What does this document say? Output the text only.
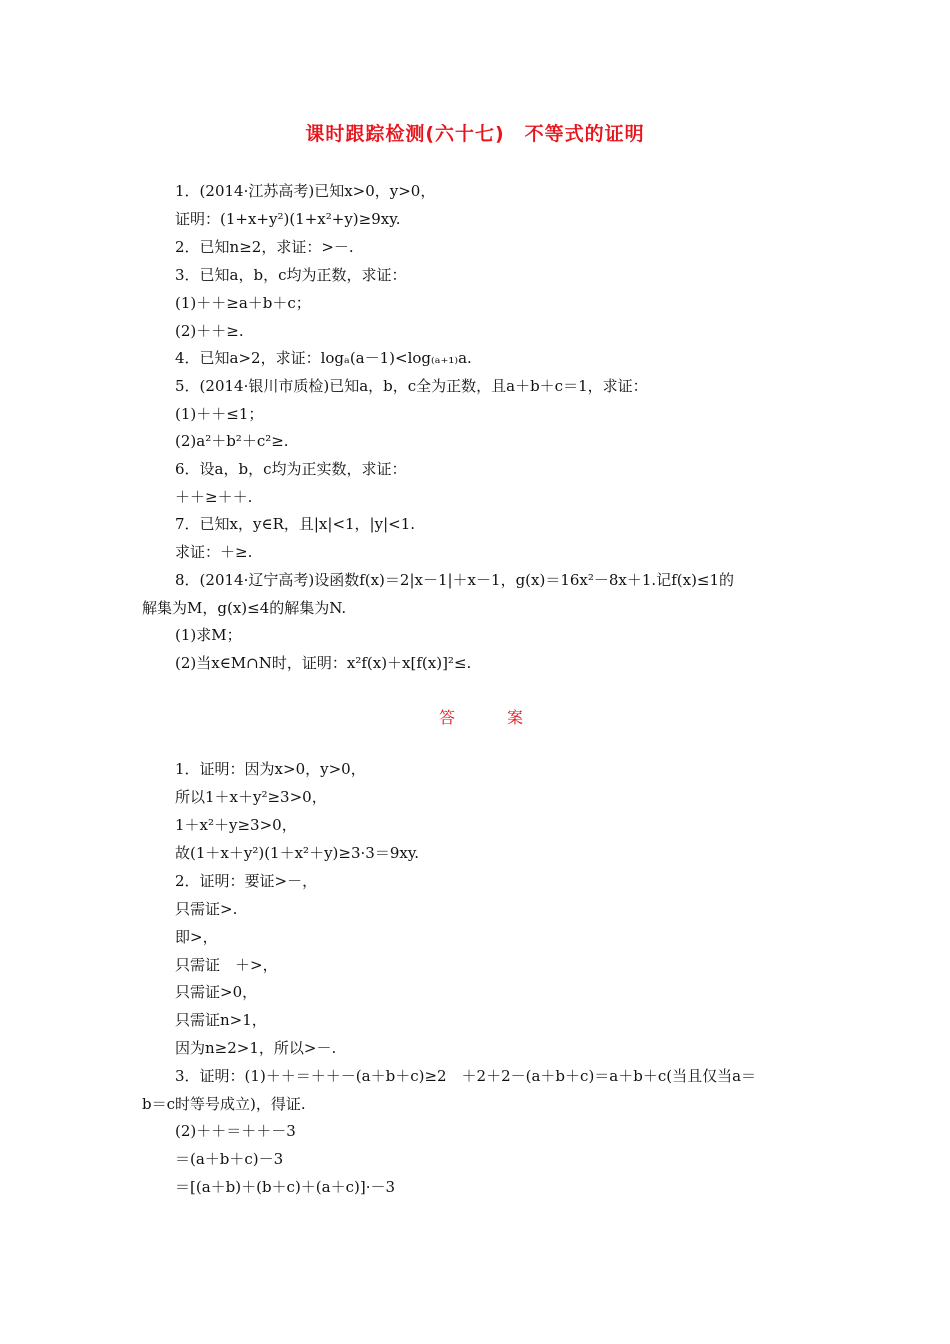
课时跟踪检测(六十七)　不等式的证明
1．(2014·江苏高考)已知x>0，y>0，
证明：(1+x+y²)(1+x²+y)≥9xy.
2．已知n≥2，求证：>－.
3．已知a，b，c均为正数，求证：
(1)＋＋≥a＋b＋c；
(2)＋＋≥.
4．已知a>2，求证：logₐ(a－1)<log₍ₐ₊₁₎a.
5．(2014·银川市质检)已知a，b，c全为正数，且a＋b＋c＝1，求证：
(1)＋＋≤1；
(2)a²＋b²＋c²≥.
6．设a，b，c均为正实数，求证：
＋＋≥＋＋.
7．已知x，y∈R，且|x|<1，|y|<1.
求证：＋≥.
8．(2014·辽宁高考)设函数f(x)＝2|x－1|＋x－1，g(x)＝16x²－8x＋1.记f(x)≤1的
解集为M，g(x)≤4的解集为N.
(1)求M；
(2)当x∈M∩N时，证明：x²f(x)＋x[f(x)]²≤.
答　案
1．证明：因为x>0，y>0，
所以1＋x＋y²≥3>0，
1＋x²＋y≥3>0，
故(1＋x＋y²)(1＋x²＋y)≥3·3＝9xy.
2．证明：要证>－，
只需证>.
即>，
只需证　＋>，
只需证>0，
只需证n>1，
因为n≥2>1，所以>－.
3．证明：(1)＋＋＝＋＋－(a＋b＋c)≥2　＋2＋2－(a＋b＋c)＝a＋b＋c(当且仅当a＝
b＝c时等号成立)，得证.
(2)＋＋＝＋＋－3
＝(a＋b＋c)－3
＝[(a＋b)＋(b＋c)＋(a＋c)]·－3
